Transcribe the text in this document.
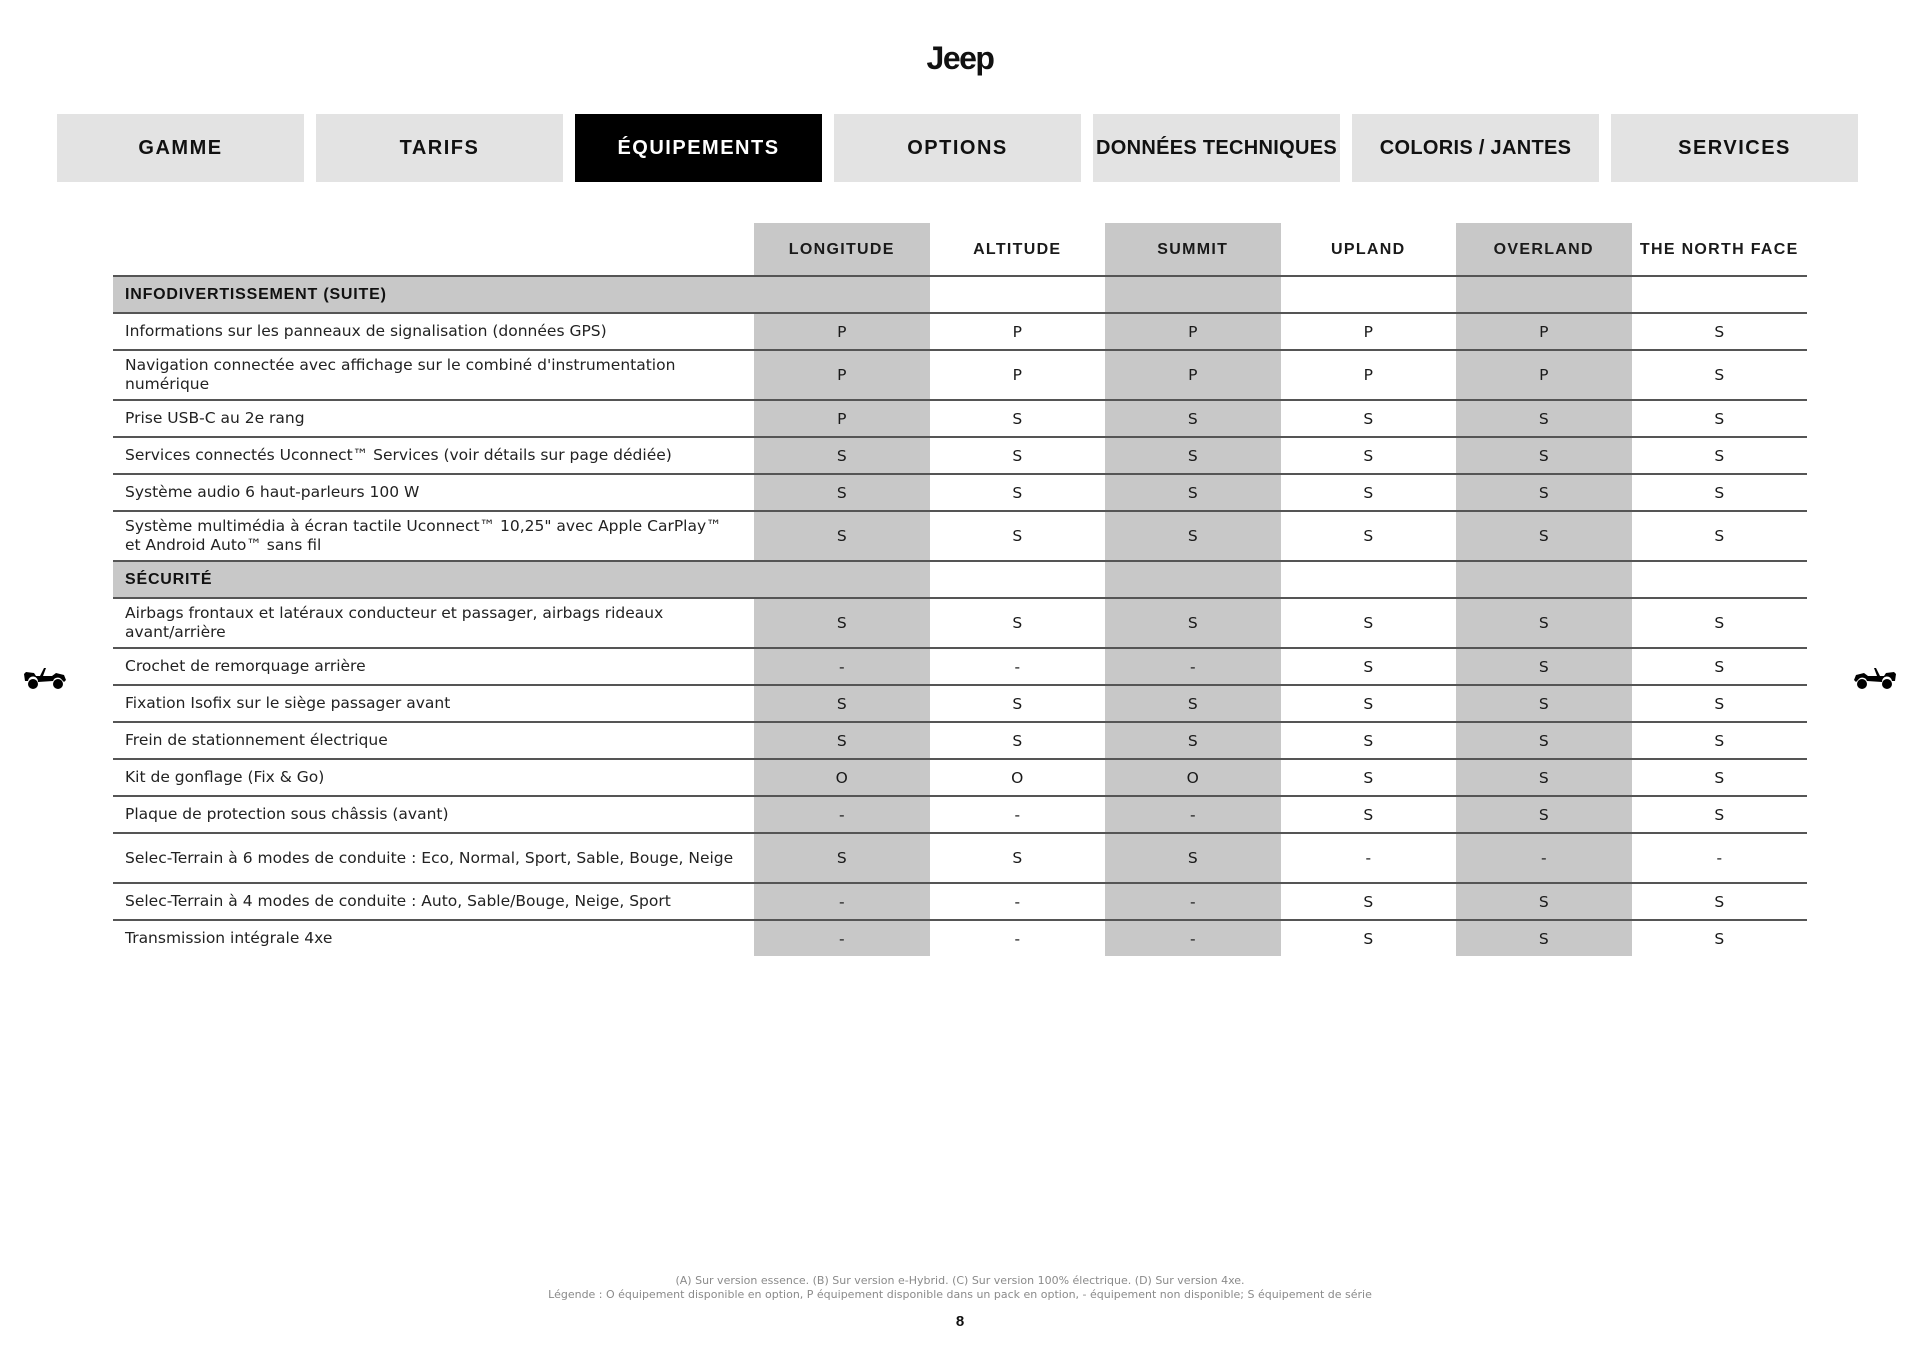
Jeep
GAMME	TARIFS	ÉQUIPEMENTS	OPTIONS	DONNÉES TECHNIQUES	COLORIS / JANTES	SERVICES
	LONGITUDE	ALTITUDE	SUMMIT	UPLAND	OVERLAND	THE NORTH FACE
INFODIVERTISSEMENT (SUITE)						
Informations sur les panneaux de signalisation (données GPS)	P	P	P	P	P	S
Navigation connectée avec affichage sur le combiné d'instrumentation numérique	P	P	P	P	P	S
Prise USB-C au 2e rang	P	S	S	S	S	S
Services connectés Uconnect™ Services (voir détails sur page dédiée)	S	S	S	S	S	S
Système audio 6 haut-parleurs 100 W	S	S	S	S	S	S
Système multimédia à écran tactile Uconnect™ 10,25" avec Apple CarPlay™ et Android Auto™ sans fil	S	S	S	S	S	S
SÉCURITÉ						
Airbags frontaux et latéraux conducteur et passager, airbags rideaux avant/arrière	S	S	S	S	S	S
Crochet de remorquage arrière	-	-	-	S	S	S
Fixation Isofix sur le siège passager avant	S	S	S	S	S	S
Frein de stationnement électrique	S	S	S	S	S	S
Kit de gonflage (Fix & Go)	O	O	O	S	S	S
Plaque de protection sous châssis (avant)	-	-	-	S	S	S
Selec-Terrain à 6 modes de conduite : Eco, Normal, Sport, Sable, Bouge, Neige	S	S	S	-	-	-
Selec-Terrain à 4 modes de conduite : Auto, Sable/Bouge, Neige, Sport	-	-	-	S	S	S
Transmission intégrale 4xe	-	-	-	S	S	S
(A) Sur version essence. (B) Sur version e-Hybrid. (C) Sur version 100% électrique. (D) Sur version 4xe.
Légende : O équipement disponible en option, P équipement disponible dans un pack en option, - équipement non disponible; S équipement de série
8
